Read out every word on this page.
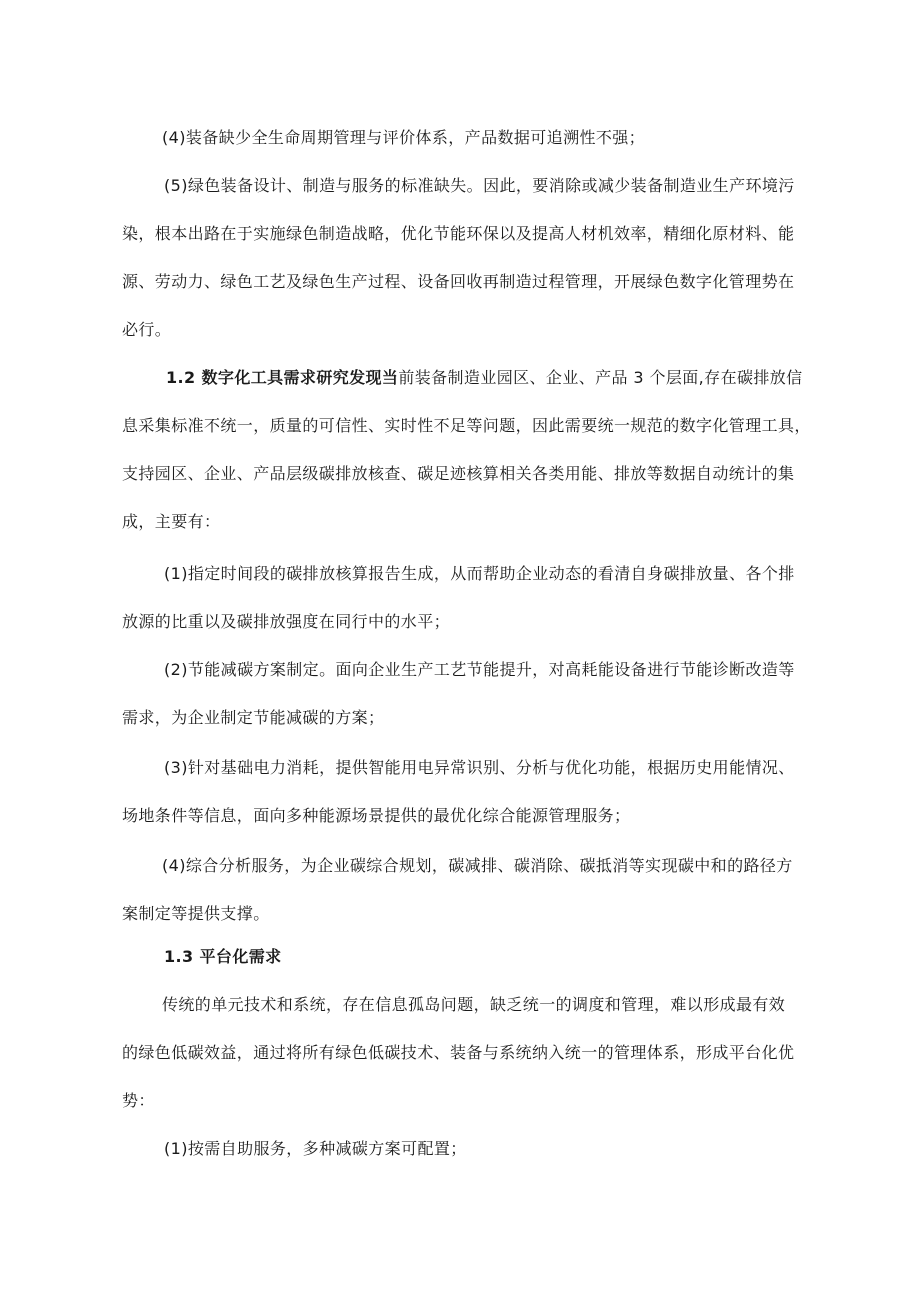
(4)装备缺少全生命周期管理与评价体系，产品数据可追溯性不强；
(5)绿色装备设计、制造与服务的标准缺失。因此，要消除或减少装备制造业生产环境污
染，根本出路在于实施绿色制造战略，优化节能环保以及提高人材机效率，精细化原材料、能
源、劳动力、绿色工艺及绿色生产过程、设备回收再制造过程管理，开展绿色数字化管理势在
必行。
1.2 数字化工具需求研究发现当前装备制造业园区、企业、产品 3 个层面,存在碳排放信
息采集标准不统一，质量的可信性、实时性不足等问题，因此需要统一规范的数字化管理工具，
支持园区、企业、产品层级碳排放核查、碳足迹核算相关各类用能、排放等数据自动统计的集
成，主要有：
(1)指定时间段的碳排放核算报告生成，从而帮助企业动态的看清自身碳排放量、各个排
放源的比重以及碳排放强度在同行中的水平；
(2)节能减碳方案制定。面向企业生产工艺节能提升，对高耗能设备进行节能诊断改造等
需求，为企业制定节能减碳的方案；
(3)针对基础电力消耗，提供智能用电异常识别、分析与优化功能，根据历史用能情况、
场地条件等信息，面向多种能源场景提供的最优化综合能源管理服务；
(4)综合分析服务，为企业碳综合规划，碳减排、碳消除、碳抵消等实现碳中和的路径方
案制定等提供支撑。
1.3 平台化需求
传统的单元技术和系统，存在信息孤岛问题，缺乏统一的调度和管理，难以形成最有效
的绿色低碳效益，通过将所有绿色低碳技术、装备与系统纳入统一的管理体系，形成平台化优
势：
(1)按需自助服务，多种减碳方案可配置；
